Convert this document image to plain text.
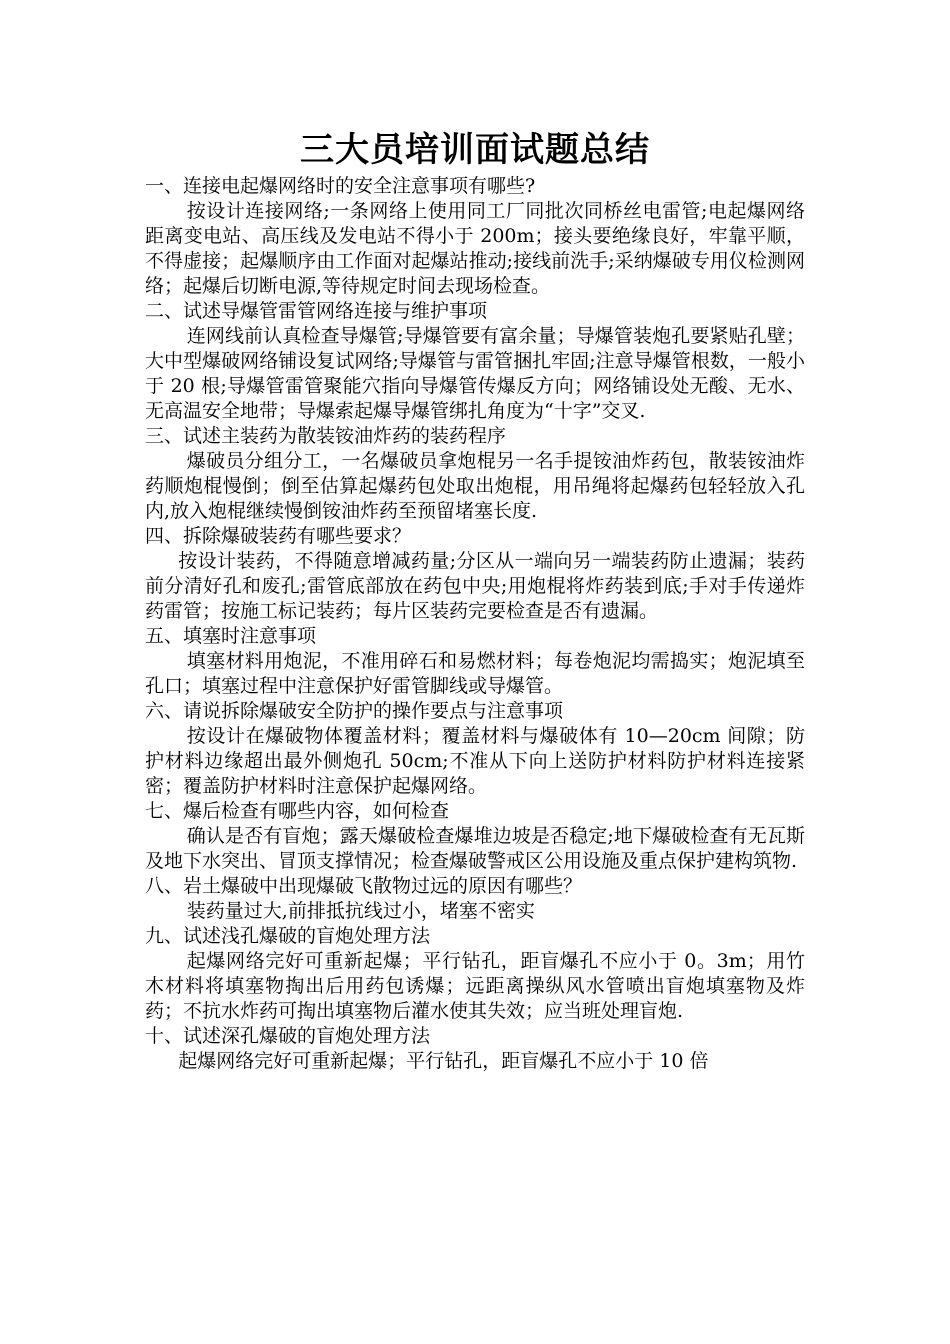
三大员培训面试题总结

一、连接电起爆网络时的安全注意事项有哪些?

按设计连接网络;一条网络上使用同工厂同批次同桥丝电雷管;电起爆网络距离变电站、高压线及发电站不得小于 200m；接头要绝缘良好，牢靠平顺，不得虚接；起爆顺序由工作面对起爆站推动;接线前洗手;采纳爆破专用仪检测网络；起爆后切断电源,等待规定时间去现场检查。

二、试述导爆管雷管网络连接与维护事项

连网线前认真检查导爆管;导爆管要有富余量；导爆管装炮孔要紧贴孔壁；大中型爆破网络铺设复试网络;导爆管与雷管捆扎牢固;注意导爆管根数，一般小于 20 根;导爆管雷管聚能穴指向导爆管传爆反方向；网络铺设处无酸、无水、无高温安全地带；导爆索起爆导爆管绑扎角度为“十字”交叉.

三、试述主装药为散装铵油炸药的装药程序

爆破员分组分工，一名爆破员拿炮棍另一名手提铵油炸药包，散装铵油炸药顺炮棍慢倒；倒至估算起爆药包处取出炮棍，用吊绳将起爆药包轻轻放入孔内,放入炮棍继续慢倒铵油炸药至预留堵塞长度.

四、拆除爆破装药有哪些要求？

按设计装药，不得随意增减药量;分区从一端向另一端装药防止遗漏；装药前分清好孔和废孔;雷管底部放在药包中央;用炮棍将炸药装到底;手对手传递炸药雷管；按施工标记装药；每片区装药完要检查是否有遗漏。

五、填塞时注意事项

填塞材料用炮泥，不准用碎石和易燃材料；每卷炮泥均需捣实；炮泥填至孔口；填塞过程中注意保护好雷管脚线或导爆管。

六、请说拆除爆破安全防护的操作要点与注意事项

按设计在爆破物体覆盖材料；覆盖材料与爆破体有 10—20cm 间隙；防护材料边缘超出最外侧炮孔 50cm;不准从下向上送防护材料防护材料连接紧密；覆盖防护材料时注意保护起爆网络。

七、爆后检查有哪些内容，如何检查

确认是否有盲炮；露天爆破检查爆堆边坡是否稳定;地下爆破检查有无瓦斯及地下水突出、冒顶支撑情况；检查爆破警戒区公用设施及重点保护建构筑物.

八、岩土爆破中出现爆破飞散物过远的原因有哪些？

装药量过大,前排抵抗线过小，堵塞不密实

九、试述浅孔爆破的盲炮处理方法

起爆网络完好可重新起爆；平行钻孔，距盲爆孔不应小于 0。3m；用竹木材料将填塞物掏出后用药包诱爆；远距离操纵风水管喷出盲炮填塞物及炸药；不抗水炸药可掏出填塞物后灌水使其失效；应当班处理盲炮.

十、试述深孔爆破的盲炮处理方法

起爆网络完好可重新起爆；平行钻孔，距盲爆孔不应小于 10 倍
